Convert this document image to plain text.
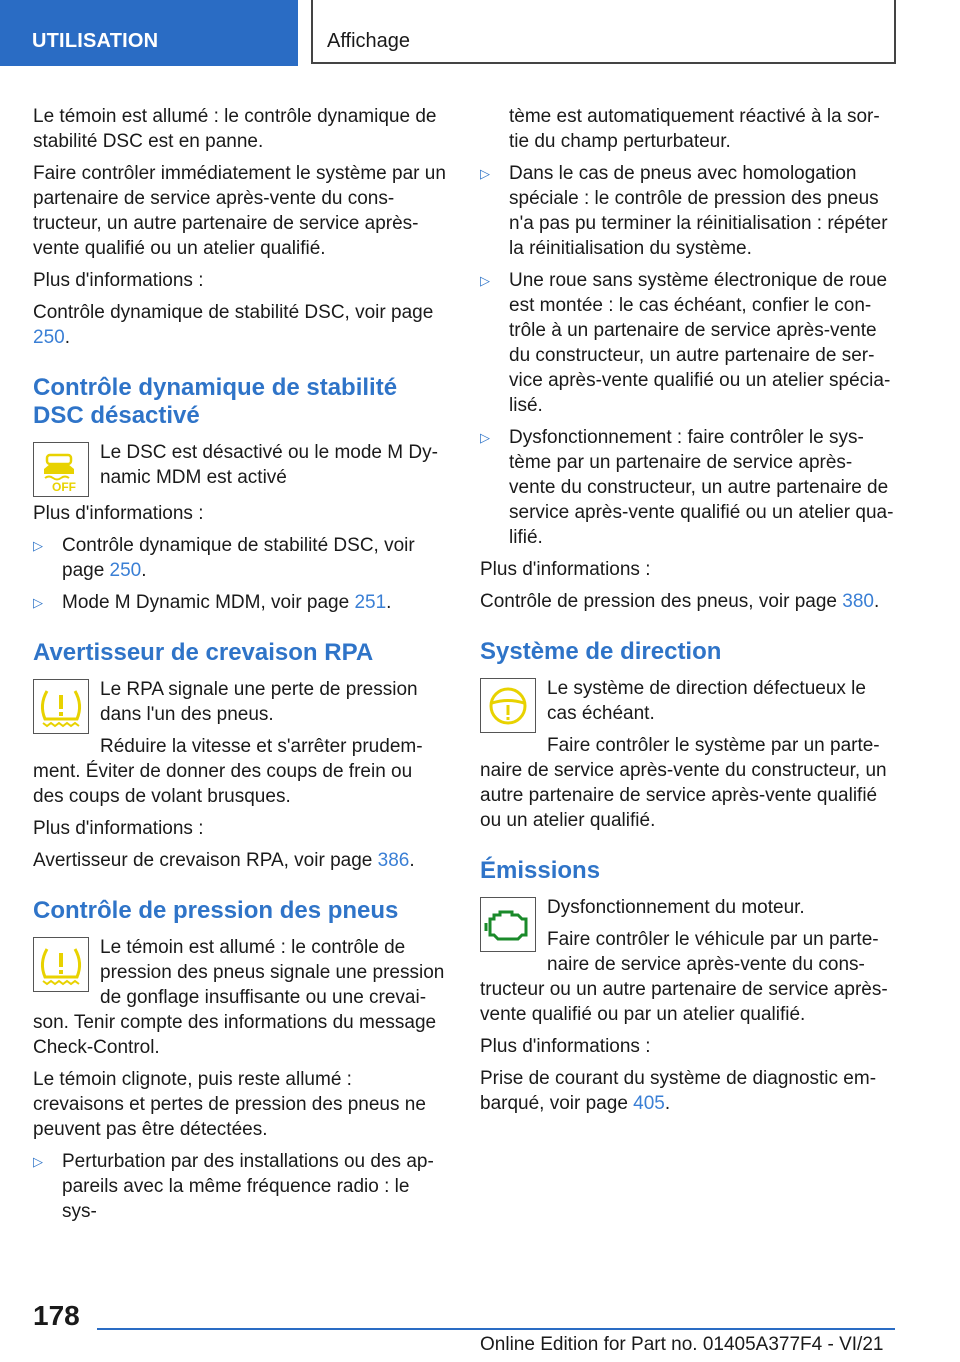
UTILISATION	Affichage

Le témoin est allumé : le contrôle dynamique de stabilité DSC est en panne.

Faire contrôler immédiatement le système par un partenaire de service après-vente du cons-tructeur, un autre partenaire de service après-vente qualifié ou un atelier qualifié.

Plus d'informations :

Contrôle dynamique de stabilité DSC, voir page 250.

Contrôle dynamique de stabilité DSC désactivé
OFF

Le DSC est désactivé ou le mode M Dy-namic MDM est activé

Plus d'informations :

▷ Contrôle dynamique de stabilité DSC, voir page 250.
▷ Mode M Dynamic MDM, voir page 251.
Avertisseur de crevaison RPA

Le RPA signale une perte de pression dans l'un des pneus.

Réduire la vitesse et s'arrêter prudem-
ment. Éviter de donner des coups de frein ou des coups de volant brusques.

Plus d'informations :

Avertisseur de crevaison RPA, voir page 386.

Contrôle de pression des pneus

Le témoin est allumé : le contrôle de pression des pneus signale une pression de gonflage insuffisante ou une crevai- son. Tenir compte des informations du message Check-Control.

Le témoin clignote, puis reste allumé : crevaisons et pertes de pression des pneus ne peuvent pas être détectées.

▷ Perturbation par des installations ou des ap-pareils avec la même fréquence radio : le sys-
tème est automatiquement réactivé à la sor-tie du champ perturbateur.
▷ Dans le cas de pneus avec homologation spéciale : le contrôle de pression des pneus n'a pas pu terminer la réinitialisation : répéter la réinitialisation du système.
▷ Une roue sans système électronique de roue est montée : le cas échéant, confier le con-trôle à un partenaire de service après-vente du constructeur, un autre partenaire de ser-vice après-vente qualifié ou un atelier spécia-lisé.
▷ Dysfonctionnement : faire contrôler le sys-tème par un partenaire de service après-vente du constructeur, un autre partenaire de service après-vente qualifié ou un atelier qua-lifié.

Plus d'informations :

Contrôle de pression des pneus, voir page 380.

Système de direction

Le système de direction défectueux le cas échéant.

Faire contrôler le système par un parte- naire de service après-vente du constructeur, un autre partenaire de service après-vente qualifié ou un atelier qualifié.

Émissions

Dysfonctionnement du moteur.

Faire contrôler le véhicule par un parte-naire de service après-vente du cons- tructeur ou un autre partenaire de service après-vente qualifié ou par un atelier qualifié.

Plus d'informations :

Prise de courant du système de diagnostic em-barqué, voir page 405.

178
Online Edition for Part no. 01405A377F4 - VI/21
